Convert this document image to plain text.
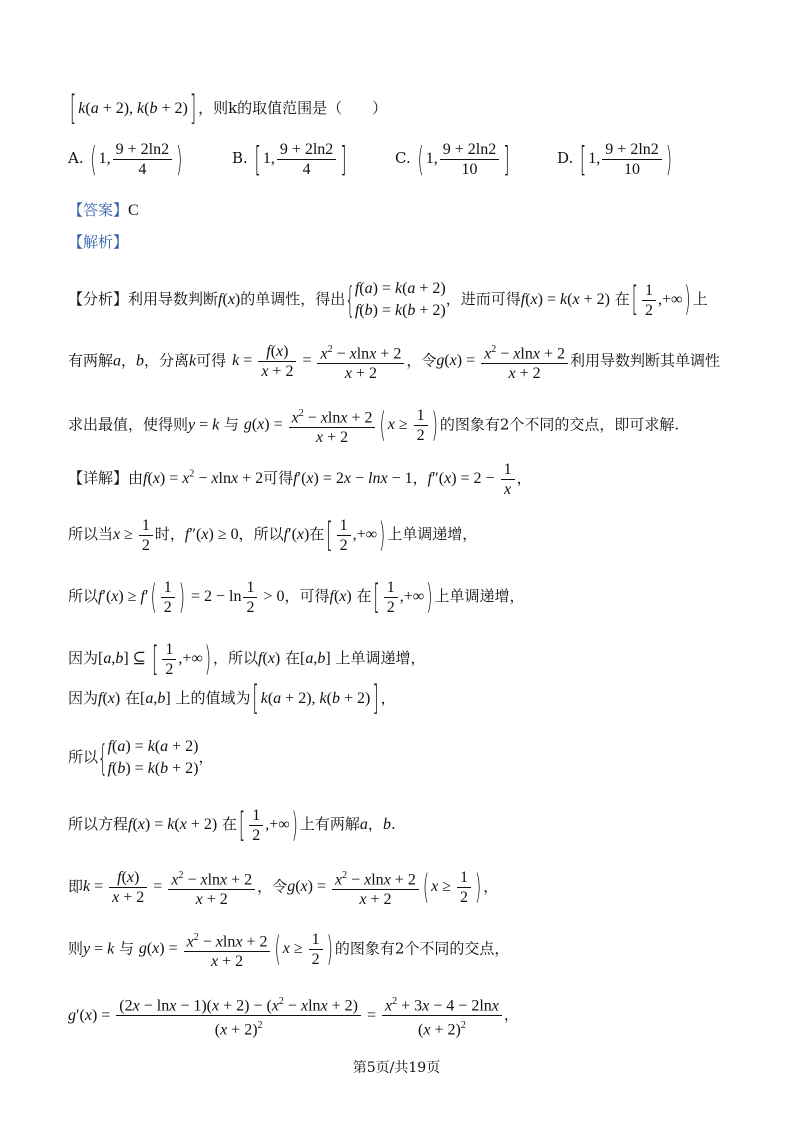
[ k(a + 2), k(b + 2) ] ，则k的取值范围是（　　）
A. ( 1, $\frac{9 + 2\ln 2}{4}$ )	B. [ 1, $\frac{9 + 2\ln 2}{4}$ ]	C. ( 1, $\frac{9 + 2\ln 2}{10}$ ]	D. [ 1, $\frac{9 + 2\ln 2}{10}$ )
【答案】C
【解析】
【分析】利用导数判断f(x)的单调性，得出{ f(a) = k(a + 2)
f(b) = k(b + 2)
，进而可得f(x) = k(x + 2) 在 [ $\frac{1}{2}$ ,+∞ ) 上
有两解a，b，分离k可得 $k = \frac{f(x)}{x + 2} = \frac{x^2 - xlnx + 2}{x + 2}$ ，令$g(x) = \frac{x^2 - xlnx + 2}{x + 2}$ 利用导数判断其单调性
求出最值，使得则y = k 与 $g(x) = \frac{x^2 - xlnx + 2}{x + 2}$ ( $x \ge \frac{1}{2}$ ) 的图象有2个不同的交点，即可求解.
【详解】由$f(x) = x^2 - xlnx + 2$可得f′(x) = 2x − lnx − 1，$f''(x) = 2 - \frac{1}{x}$ ，
所以当$x \ge \frac{1}{2}$ 时，f″(x) ≥ 0，所以f′(x)在 [ $\frac{1}{2}$ ,+∞ ) 上单调递增，
所以f′(x) ≥ f′ ( $\frac{1}{2}$ ) = $2 - \ln \frac{1}{2} > 0$，可得f(x) 在 [ $\frac{1}{2}$ ,+∞ ) 上单调递增，
因为[a,b] ⊆ [ $\frac{1}{2}$ ,+∞ ) ，所以f(x) 在[a,b] 上单调递增，
因为f(x) 在[a,b] 上的值域为 [ k(a + 2), k(b + 2) ] ，
所以{ f(a) = k(a + 2)
f(b) = k(b + 2)
，
所以方程f(x) = k(x + 2) 在 [ $\frac{1}{2}$ ,+∞ ) 上有两解a，b.
即$k = \frac{f(x)}{x + 2} = \frac{x^2 - xlnx + 2}{x + 2}$ ，令$g(x) = \frac{x^2 - xlnx + 2}{x + 2}$ ( $x \ge \frac{1}{2}$ ) ，
则y = k 与 $g(x) = \frac{x^2 - xlnx + 2}{x + 2}$ ( $x \ge \frac{1}{2}$ ) 的图象有2个不同的交点，
$g'(x) = \frac{(2x - \ln x - 1)(x + 2) - (x^2 - xlnx + 2)}{(x + 2)^2} = \frac{x^2 + 3x - 4 - 2\ln x}{(x + 2)^2}$ ，
第5页/共19页
